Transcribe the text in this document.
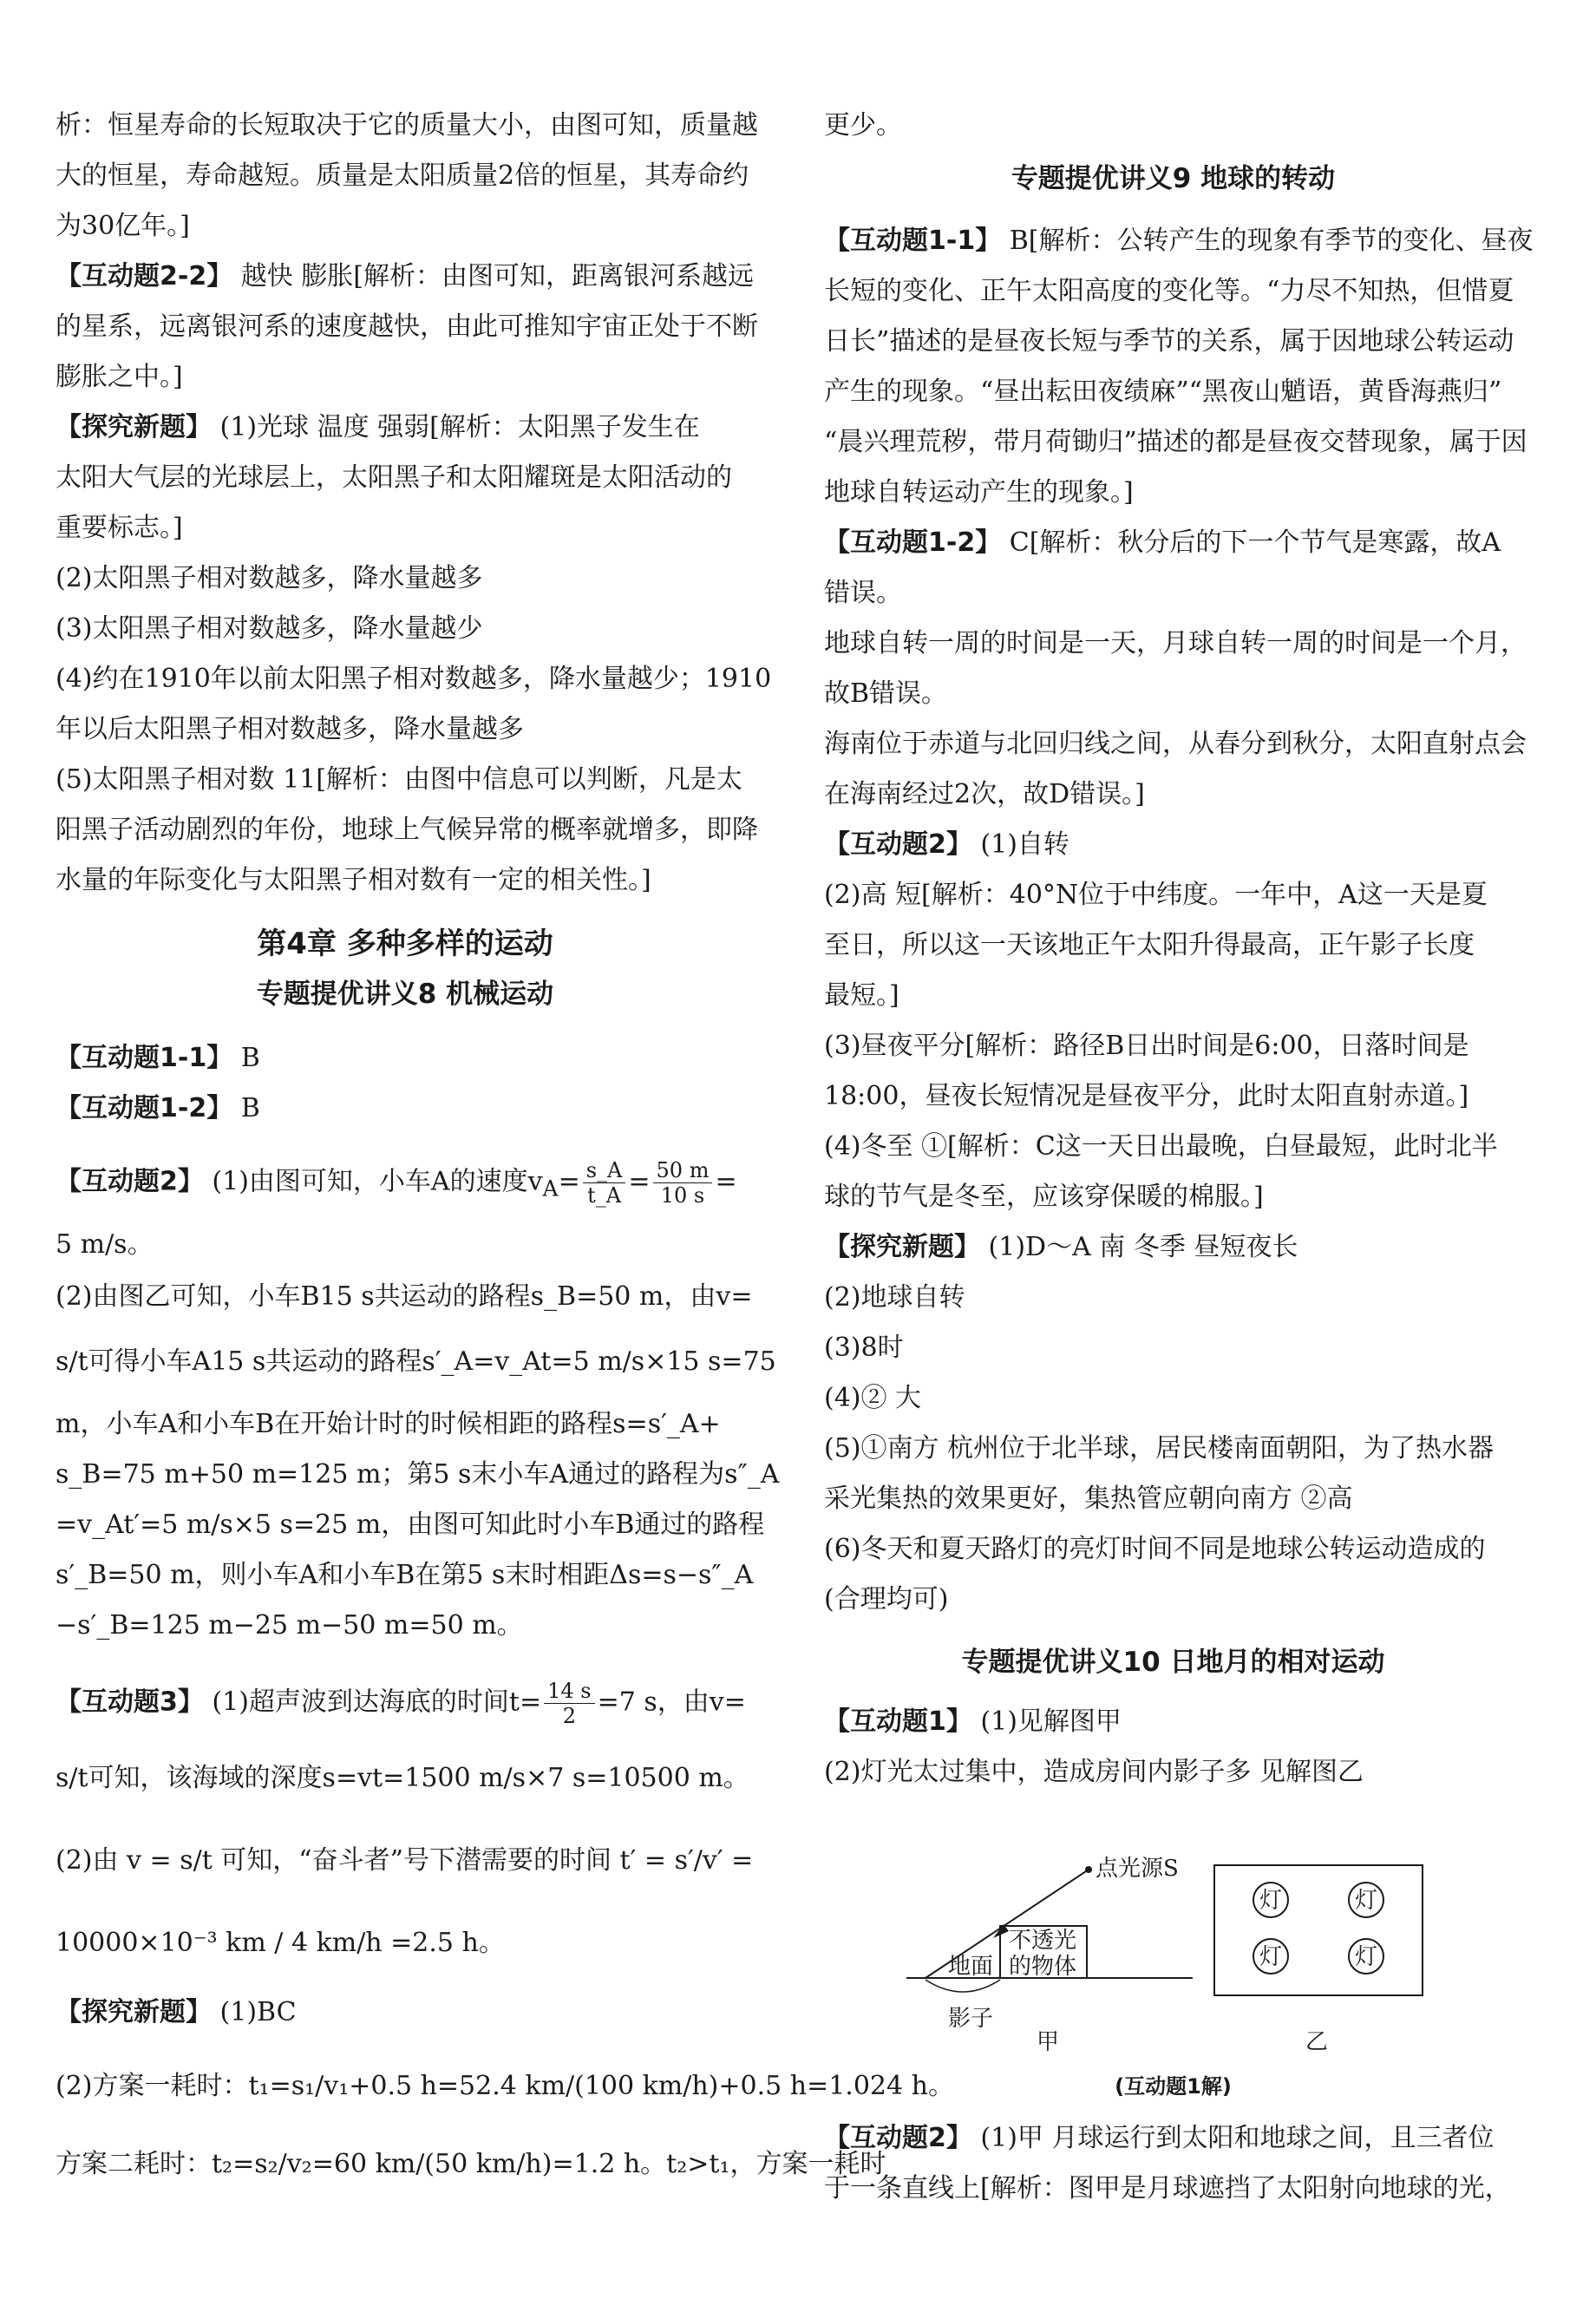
析：恒星寿命的长短取决于它的质量大小，由图可知，质量越
大的恒星，寿命越短。质量是太阳质量2倍的恒星，其寿命约
为30亿年。]
【互动题2-2】 越快 膨胀[解析：由图可知，距离银河系越远
的星系，远离银河系的速度越快，由此可推知宇宙正处于不断
膨胀之中。]
【探究新题】 (1)光球 温度 强弱[解析：太阳黑子发生在
太阳大气层的光球层上，太阳黑子和太阳耀斑是太阳活动的
重要标志。]
(2)太阳黑子相对数越多，降水量越多
(3)太阳黑子相对数越多，降水量越少
(4)约在1910年以前太阳黑子相对数越多，降水量越少；1910
年以后太阳黑子相对数越多，降水量越多
(5)太阳黑子相对数 11[解析：由图中信息可以判断，凡是太
阳黑子活动剧烈的年份，地球上气候异常的概率就增多，即降
水量的年际变化与太阳黑子相对数有一定的相关性。]
第4章 多种多样的运动
专题提优讲义8 机械运动
【互动题1-1】 B
【互动题1-2】 B
【互动题2】 (1)由图可知，小车A的速度$v_A= \frac{s\_A}{t\_A} = \frac{50 m}{10 s}$ =
5 m/s。
(2)由图乙可知，小车B15 s共运动的路程s_B=50 m，由v=
s/t可得小车A15 s共运动的路程s′_A=v_At=5 m/s×15 s=75
m，小车A和小车B在开始计时的时候相距的路程s=s′_A+
s_B=75 m+50 m=125 m；第5 s末小车A通过的路程为s″_A
=v_At′=5 m/s×5 s=25 m，由图可知此时小车B通过的路程
s′_B=50 m，则小车A和小车B在第5 s末时相距Δs=s−s″_A
−s′_B=125 m−25 m−50 m=50 m。
【互动题3】 (1)超声波到达海底的时间$t= \frac{14 s}{2} =7$ s，由v=
s/t可知，该海域的深度s=vt=1500 m/s×7 s=10500 m。
(2)由 v = s/t 可知，“奋斗者”号下潜需要的时间 t′ = s′/v′ =
10000×10⁻³ km / 4 km/h =2.5 h。
【探究新题】 (1)BC
(2)方案一耗时：t₁=s₁/v₁+0.5 h=52.4 km/(100 km/h)+0.5 h=1.024 h。
方案二耗时：t₂=s₂/v₂=60 km/(50 km/h)=1.2 h。t₂>t₁，方案一耗时
更少。
专题提优讲义9 地球的转动
【互动题1-1】 B[解析：公转产生的现象有季节的变化、昼夜
长短的变化、正午太阳高度的变化等。“力尽不知热，但惜夏
日长”描述的是昼夜长短与季节的关系，属于因地球公转运动
产生的现象。“昼出耘田夜绩麻”“黑夜山魈语，黄昏海燕归”
“晨兴理荒秽，带月荷锄归”描述的都是昼夜交替现象，属于因
地球自转运动产生的现象。]
【互动题1-2】 C[解析：秋分后的下一个节气是寒露，故A
错误。
地球自转一周的时间是一天，月球自转一周的时间是一个月，
故B错误。
海南位于赤道与北回归线之间，从春分到秋分，太阳直射点会
在海南经过2次，故D错误。]
【互动题2】 (1)自转
(2)高 短[解析：40°N位于中纬度。一年中，A这一天是夏
至日，所以这一天该地正午太阳升得最高，正午影子长度
最短。]
(3)昼夜平分[解析：路径B日出时间是6:00，日落时间是
18:00，昼夜长短情况是昼夜平分，此时太阳直射赤道。]
(4)冬至 ①[解析：C这一天日出最晚，白昼最短，此时北半
球的节气是冬至，应该穿保暖的棉服。]
【探究新题】 (1)D～A 南 冬季 昼短夜长
(2)地球自转
(3)8时
(4)② 大
(5)①南方 杭州位于北半球，居民楼南面朝阳，为了热水器
采光集热的效果更好，集热管应朝向南方 ②高
(6)冬天和夏天路灯的亮灯时间不同是地球公转运动造成的
(合理均可)
专题提优讲义10 日地月的相对运动
【互动题1】 (1)见解图甲
(2)灯光太过集中，造成房间内影子多 见解图乙
点光源S
不透光
的物体
地面
影子
甲
灯	灯
灯	灯
乙
(互动题1解)
【互动题2】 (1)甲 月球运行到太阳和地球之间，且三者位
于一条直线上[解析：图甲是月球遮挡了太阳射向地球的光，
